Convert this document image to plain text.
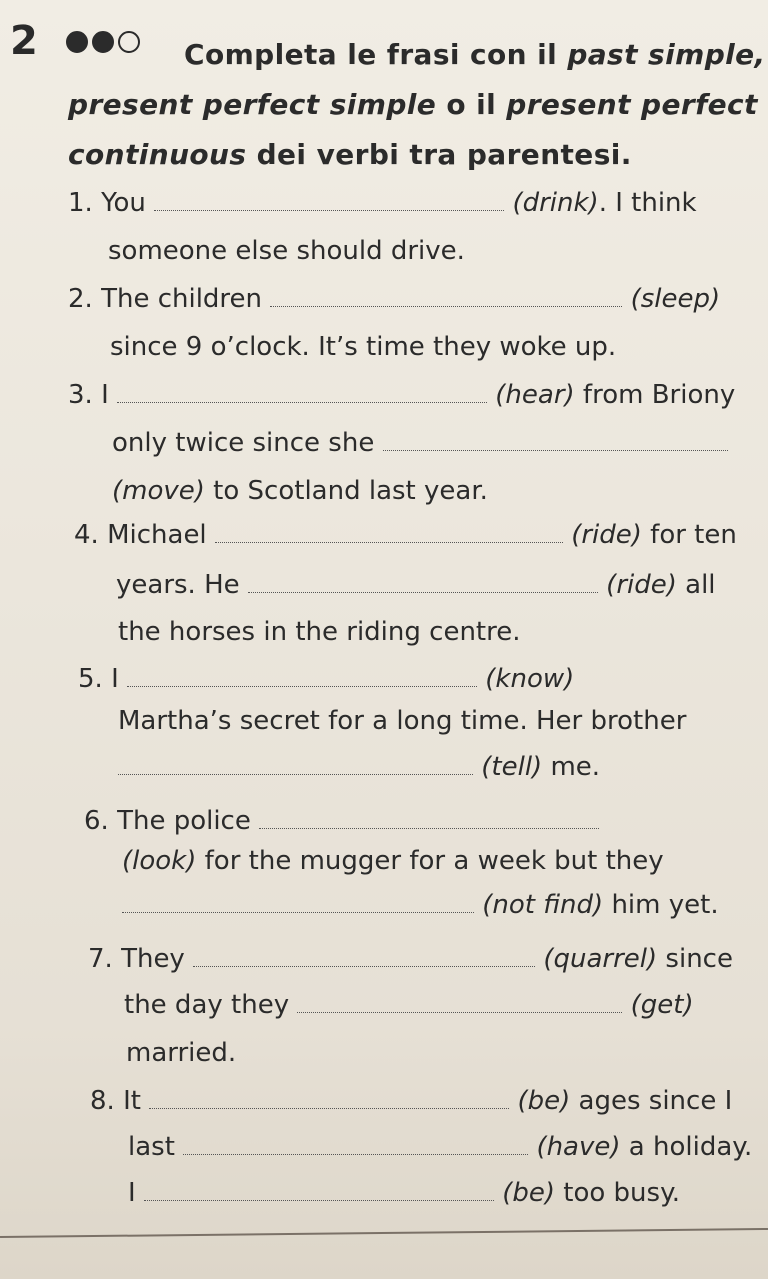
2	Completa le frasi con il past simple,
present perfect simple o il present perfect
continuous dei verbi tra parentesi.
1. You	(drink). I think
someone else should drive.
2. The children	(sleep)
since 9 o’clock. It’s time they woke up.
3. I	(hear) from Briony
only twice since she
(move) to Scotland last year.
4. Michael	(ride) for ten
years. He	(ride) all
the horses in the riding centre.
5. I	(know)
Martha’s secret for a long time. Her brother
(tell) me.
6. The police
(look) for the mugger for a week but they
(not find) him yet.
7. They	(quarrel) since
the day they	(get)
married.
8. It	(be) ages since I
last	(have) a holiday.
I	(be) too busy.
